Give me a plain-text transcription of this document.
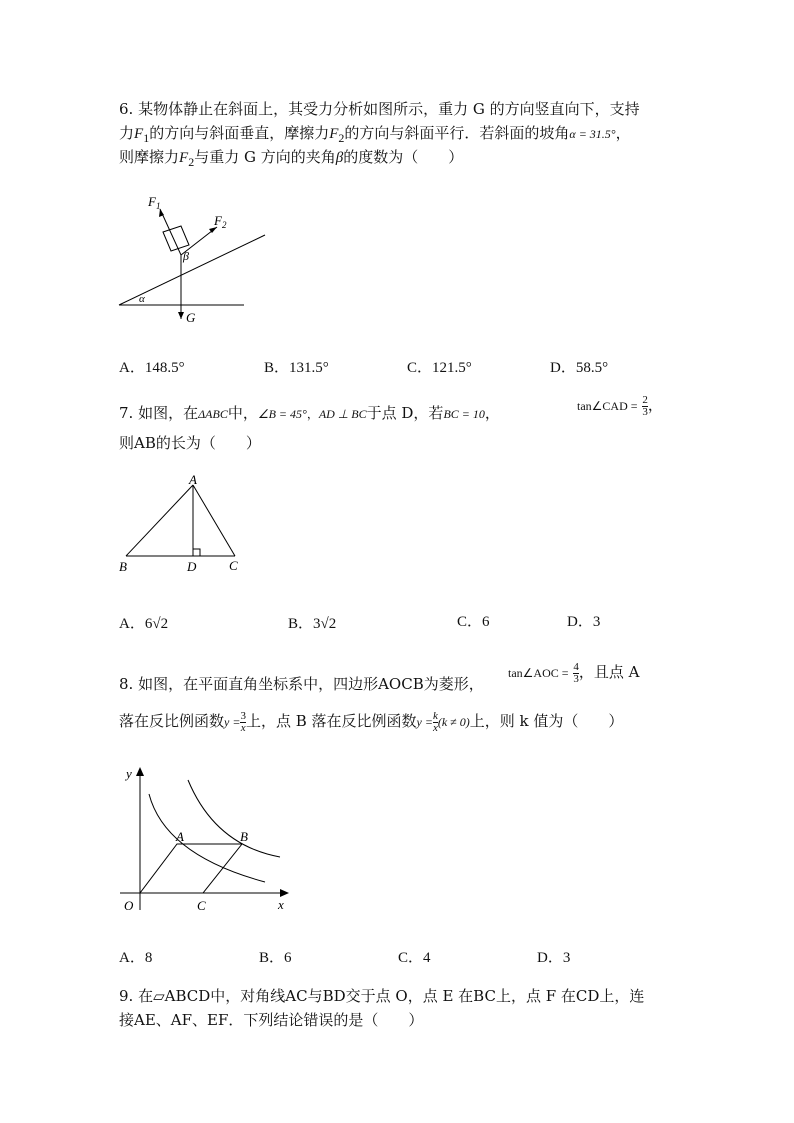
6. 某物体静止在斜面上，其受力分析如图所示，重力 G 的方向竖直向下，支持
力$F_1$的方向与斜面垂直，摩擦力$F_2$的方向与斜面平行．若斜面的坡角α = 31.5°，
则摩擦力$F_2$与重力 G 方向的夹角β的度数为（　　）
$F_1$
$F_2$
β
α
G
A．148.5°	B．131.5°	C．121.5°	D．58.5°
7. 如图，在ΔABC中，∠B = 45°，AD ⊥ BC于点 D，若BC = 10，	tan∠CAD = $\frac{2}{3}$ ，
则AB的长为（　　）
A
B	D	C
A．6√2	B．3√2	C．6	D．3
8. 如图，在平面直角坐标系中，四边形AOCB为菱形，
tan∠AOC = $\frac{4}{3}$ ，且点 A
落在反比例函数$y = \frac{3}{x}$ 上，点 B 落在反比例函数$y = \frac{k}{x} (k \ne 0)$上，则 k 值为（　　）
y
x
O
A	B
C
A．8	B．6	C．4	D．3
9. 在▱ABCD中，对角线AC与BD交于点 O，点 E 在BC上，点 F 在CD上，连
接AE、AF、EF．下列结论错误的是（　　）
